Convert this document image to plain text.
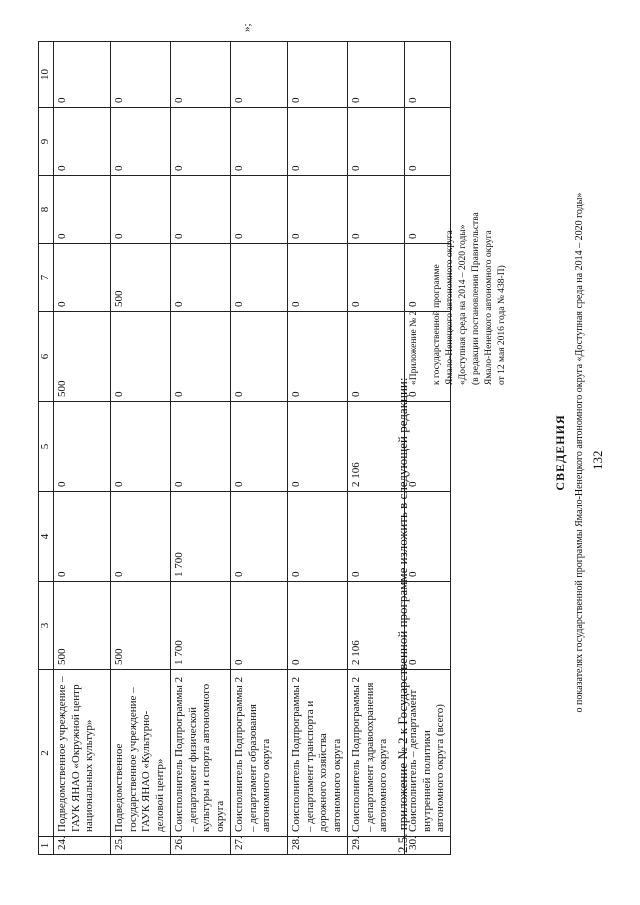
1	2	3	4	5	6	7	8	9	10
24.	Подведомственное учреждение – ГАУК ЯНАО «Окружной центр национальных культур»	500	0	0	500	0	0	0	0
25.	Подведомственное государственное учреждение – ГАУК ЯНАО «Культурно-деловой центр»	500	0	0	0	500	0	0	0
26.	Соисполнитель Подпрограммы 2 – департамент физической культуры и спорта автономного округа	1 700	1 700	0	0	0	0	0	0
27.	Соисполнитель Подпрограммы 2 – департамент образования автономного округа	0	0	0	0	0	0	0	0
28.	Соисполнитель Подпрограммы 2 – департамент транспорта и дорожного хозяйства автономного округа	0	0	0	0	0	0	0	0
29.	Соисполнитель Подпрограммы 2 – департамент здравоохранения автономного округа	2 106	0	2 106	0	0	0	0	0
30.	Соисполнитель – департамент внутренней политики автономного округа (всего)	0	0	0	0	0	0	0	0
»;
132
2.5. приложение № 2 к Государственной программе изложить в следующей редакции:
«Приложение № 2 к государственной программе Ямало-Ненецкого автономного округа «Доступная среда на 2014 – 2020 годы» (в редакции постановления Правительства Ямало-Ненецкого автономного округа от 12 мая 2016 года № 438-П)
СВЕДЕНИЯ о показателях государственной программы Ямало-Ненецкого автономного округа «Доступная среда на 2014 – 2020 годы»
